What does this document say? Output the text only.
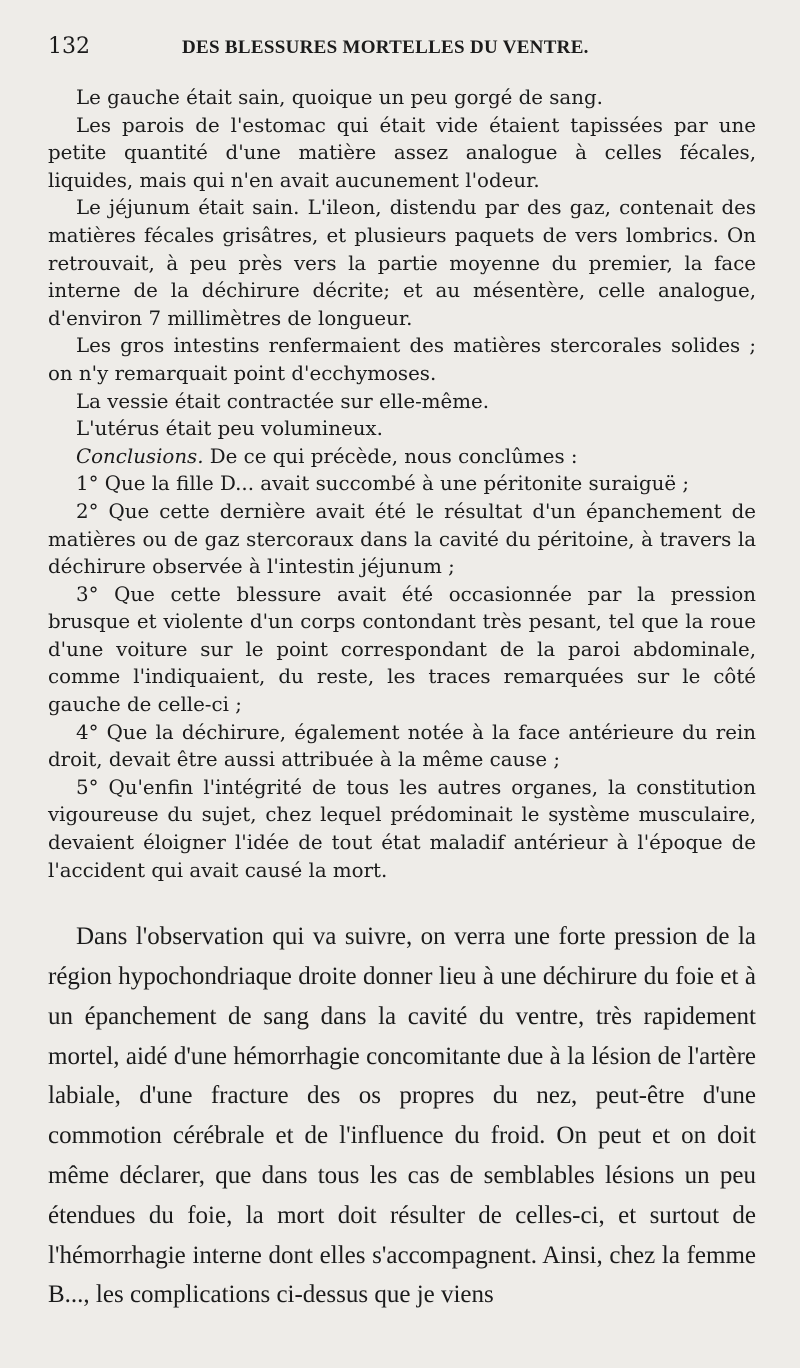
132	DES BLESSURES MORTELLES DU VENTRE.

Le gauche était sain, quoique un peu gorgé de sang.

Les parois de l'estomac qui était vide étaient tapissées par une petite quantité d'une matière assez analogue à celles fécales, liquides, mais qui n'en avait aucunement l'odeur.

Le jéjunum était sain. L'ileon, distendu par des gaz, contenait des matières fécales grisâtres, et plusieurs paquets de vers lombrics. On retrouvait, à peu près vers la partie moyenne du premier, la face interne de la déchirure décrite; et au mésentère, celle analogue, d'environ 7 millimètres de longueur.

Les gros intestins renfermaient des matières stercorales solides ; on n'y remarquait point d'ecchymoses.

La vessie était contractée sur elle-même.

L'utérus était peu volumineux.

Conclusions. De ce qui précède, nous conclûmes :

1° Que la fille D... avait succombé à une péritonite suraiguë ;

2° Que cette dernière avait été le résultat d'un épanchement de matières ou de gaz stercoraux dans la cavité du péritoine, à travers la déchirure observée à l'intestin jéjunum ;

3° Que cette blessure avait été occasionnée par la pression brusque et violente d'un corps contondant très pesant, tel que la roue d'une voiture sur le point correspondant de la paroi abdominale, comme l'indiquaient, du reste, les traces remarquées sur le côté gauche de celle-ci ;

4° Que la déchirure, également notée à la face antérieure du rein droit, devait être aussi attribuée à la même cause ;

5° Qu'enfin l'intégrité de tous les autres organes, la constitution vigoureuse du sujet, chez lequel prédominait le système musculaire, devaient éloigner l'idée de tout état maladif antérieur à l'époque de l'accident qui avait causé la mort.

Dans l'observation qui va suivre, on verra une forte pression de la région hypochondriaque droite donner lieu à une déchirure du foie et à un épanchement de sang dans la cavité du ventre, très rapidement mortel, aidé d'une hémorrhagie concomitante due à la lésion de l'artère labiale, d'une fracture des os propres du nez, peut-être d'une commotion cérébrale et de l'influence du froid. On peut et on doit même déclarer, que dans tous les cas de semblables lésions un peu étendues du foie, la mort doit résulter de celles-ci, et surtout de l'hémorrhagie interne dont elles s'accompagnent. Ainsi, chez la femme B..., les complications ci-dessus que je viens
